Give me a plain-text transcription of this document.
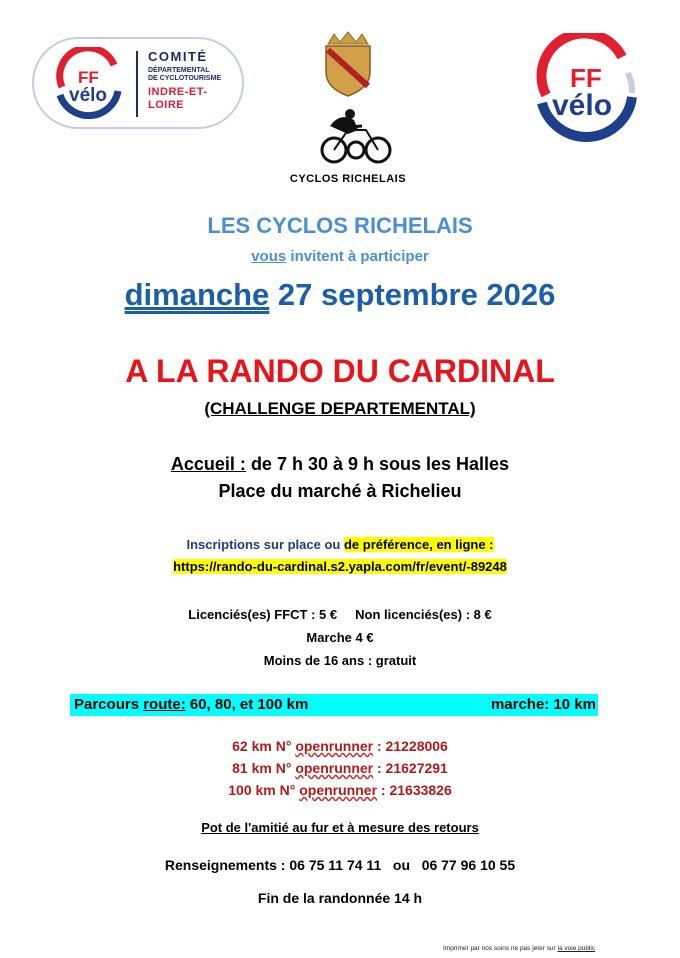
FF
vélo
COMITÉ
DÉPARTEMENTAL
DE CYCLOTOURISME
INDRE-ET-
LOIRE
CYCLOS RICHELAIS
FF
vélo
LES CYCLOS RICHELAIS
vous invitent à participer
dimanche 27 septembre 2026
A LA RANDO DU CARDINAL
(CHALLENGE DEPARTEMENTAL)
Accueil : de 7 h 30 à 9 h sous les Halles
Place du marché à Richelieu
Inscriptions sur place ou de préférence, en ligne :
https://rando-du-cardinal.s2.yapla.com/fr/event/-89248
Licenciés(es) FFCT : 5 € Non licenciés(es) : 8 €
Marche 4 €
Moins de 16 ans : gratuit
Parcours route: 60, 80, et 100 km	marche: 10 km
62 km N° openrunner : 21228006
81 km N° openrunner : 21627291
100 km N° openrunner : 21633826
Pot de l'amitié au fur et à mesure des retours
Renseignements : 06 75 11 74 11 ou 06 77 96 10 55
Fin de la randonnée 14 h
Imprimer par nos soins ne pas jeter sur la voie public
